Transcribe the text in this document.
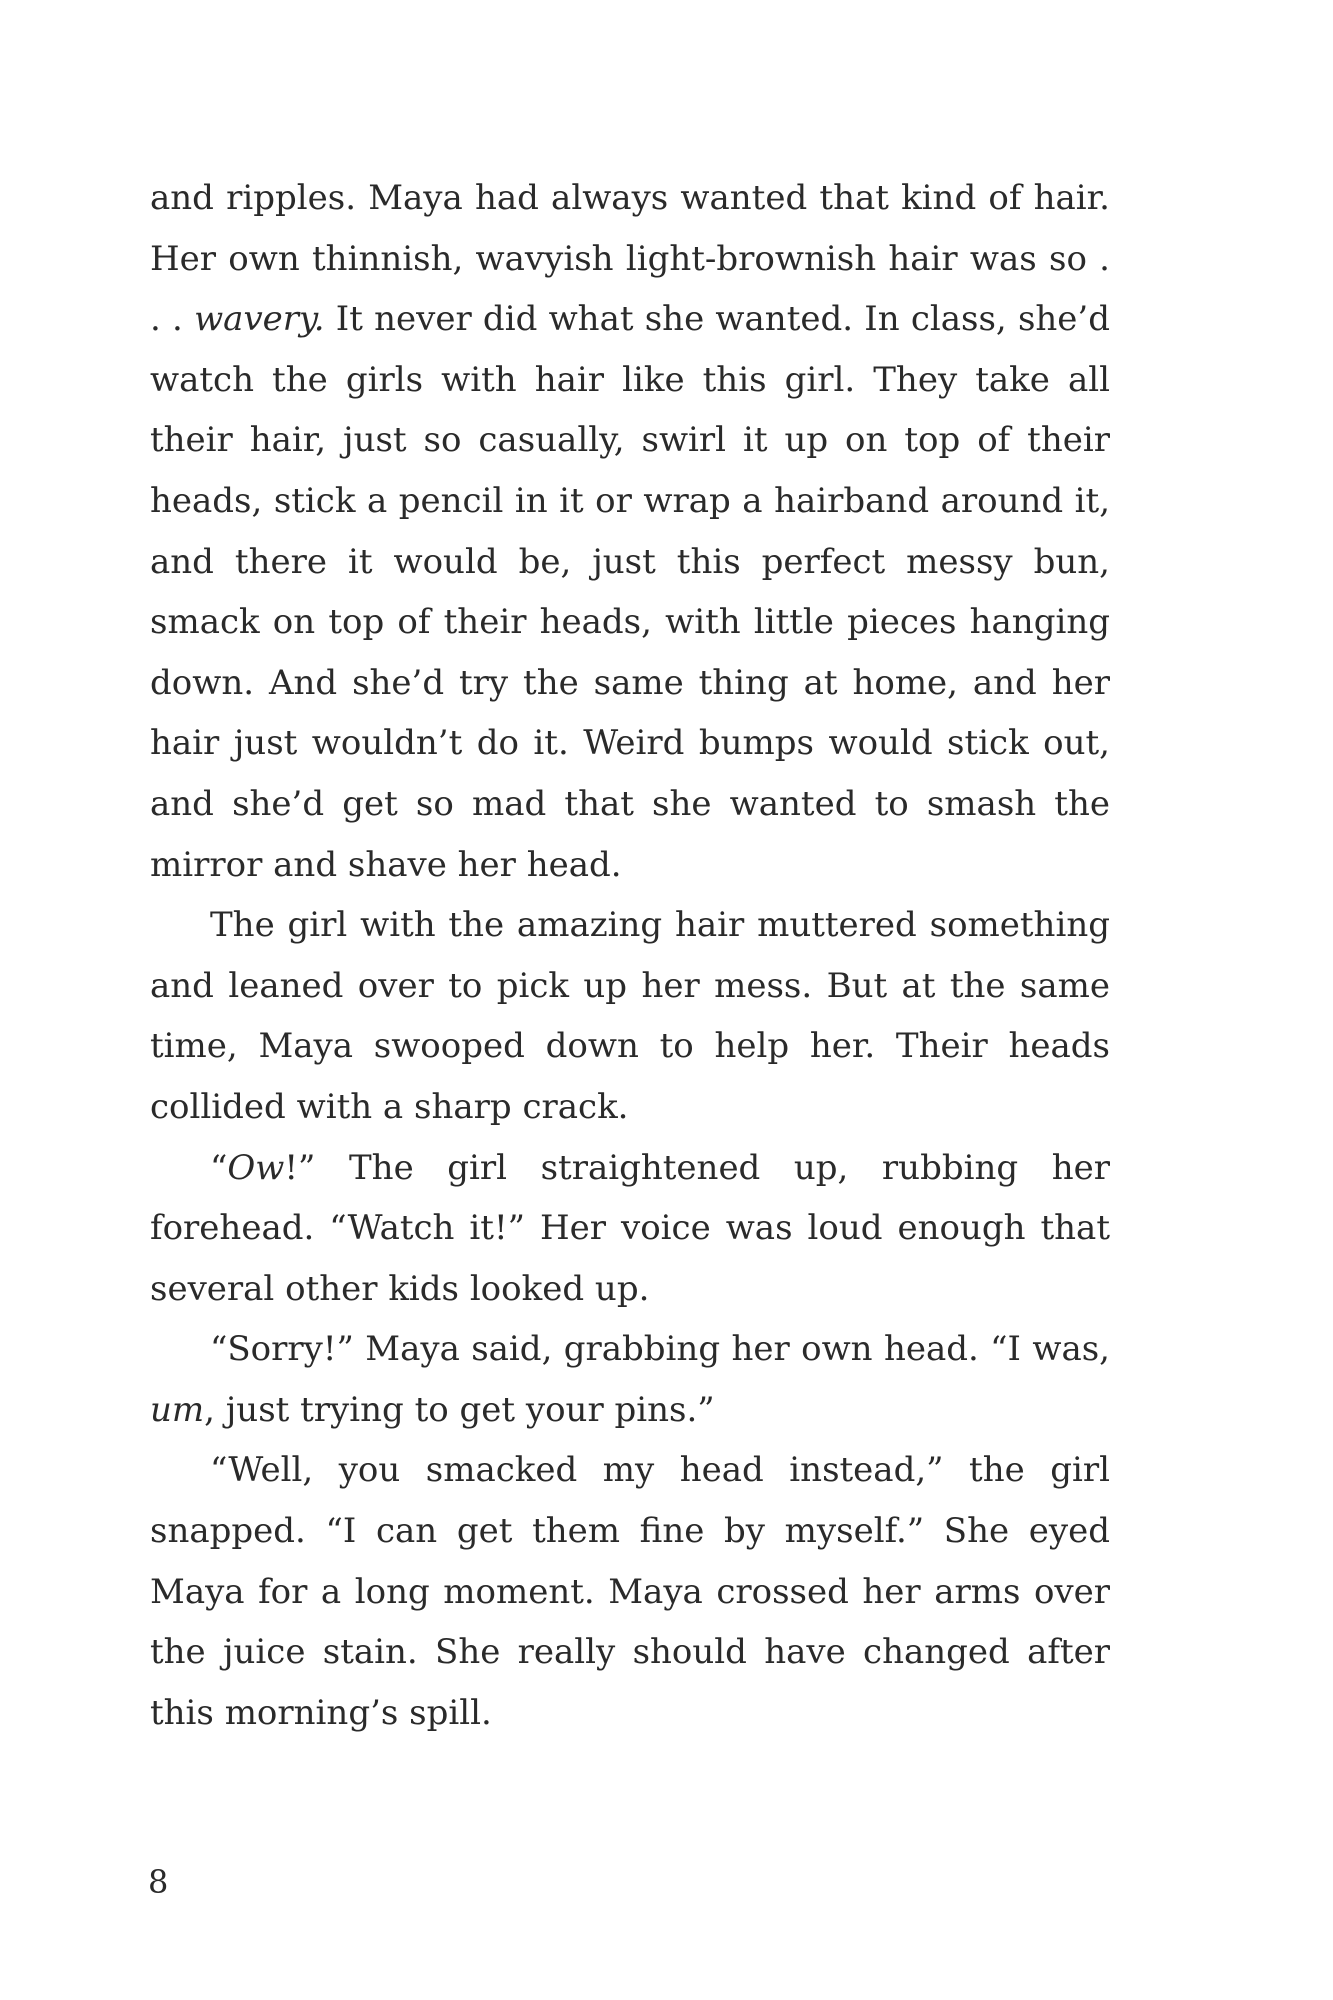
and ripples. Maya had always wanted that kind of hair. Her own thinnish, wavyish light-brownish hair was so . . . wavery. It never did what she wanted. In class, she’d watch the girls with hair like this girl. They take all their hair, just so casually, swirl it up on top of their heads, stick a pencil in it or wrap a hairband around it, and there it would be, just this perfect messy bun, smack on top of their heads, with little pieces hanging down. And she’d try the same thing at home, and her hair just wouldn’t do it. Weird bumps would stick out, and she’d get so mad that she wanted to smash the mirror and shave her head.

The girl with the amazing hair muttered something and leaned over to pick up her mess. But at the same time, Maya swooped down to help her. Their heads collided with a sharp crack.

“Ow!” The girl straightened up, rubbing her forehead. “Watch it!” Her voice was loud enough that several other kids looked up.

“Sorry!” Maya said, grabbing her own head. “I was, um, just trying to get your pins.”

“Well, you smacked my head instead,” the girl snapped. “I can get them fine by myself.” She eyed Maya for a long moment. Maya crossed her arms over the juice stain. She really should have changed after this morning’s spill.

8
